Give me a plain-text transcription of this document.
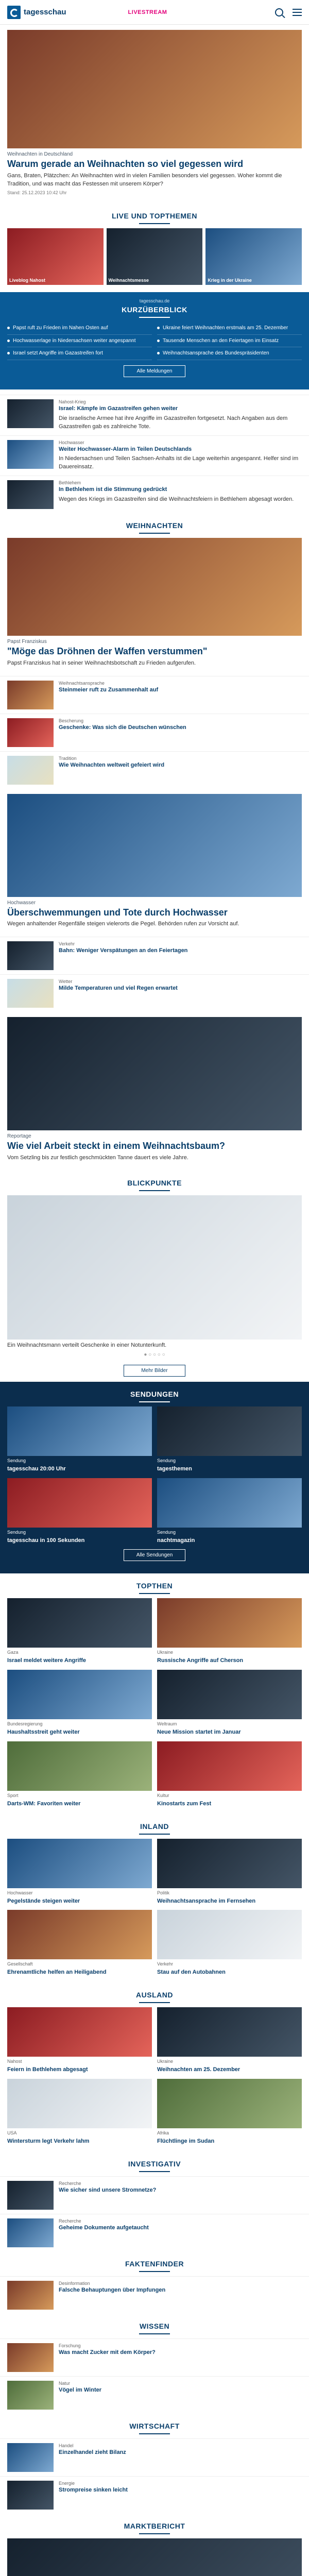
tagesschau	LIVESTREAM
Weihnachten in Deutschland
Warum gerade an Weihnachten so viel gegessen wird
Gans, Braten, Plätzchen: An Weihnachten wird in vielen Familien besonders viel gegessen. Woher kommt die Tradition, und was macht das Festessen mit unserem Körper?
Stand: 25.12.2023 10:42 Uhr
LIVE UND TOPTHEMEN
Liveblog Nahost	Weihnachtsmesse	Krieg in der Ukraine
tagesschau.de
KURZÜBERBLICK
Papst ruft zu Frieden im Nahen Osten auf
Hochwasserlage in Niedersachsen weiter angespannt
Israel setzt Angriffe im Gazastreifen fort
Ukraine feiert Weihnachten erstmals am 25. Dezember
Tausende Menschen an den Feiertagen im Einsatz
Weihnachtsansprache des Bundespräsidenten
Alle Meldungen
Nahost-Krieg
Israel: Kämpfe im Gazastreifen gehen weiter
Die israelische Armee hat ihre Angriffe im Gazastreifen fortgesetzt. Nach Angaben aus dem Gazastreifen gab es zahlreiche Tote.
Hochwasser
Weiter Hochwasser-Alarm in Teilen Deutschlands
In Niedersachsen und Teilen Sachsen-Anhalts ist die Lage weiterhin angespannt. Helfer sind im Dauereinsatz.
Bethlehem
In Bethlehem ist die Stimmung gedrückt
Wegen des Kriegs im Gazastreifen sind die Weihnachtsfeiern in Bethlehem abgesagt worden.
WEIHNACHTEN
Papst Franziskus
"Möge das Dröhnen der Waffen verstummen"
Papst Franziskus hat in seiner Weihnachtsbotschaft zu Frieden aufgerufen.
Weihnachtsansprache
Steinmeier ruft zu Zusammenhalt auf
Bescherung
Geschenke: Was sich die Deutschen wünschen
Tradition
Wie Weihnachten weltweit gefeiert wird
Hochwasser
Überschwemmungen und Tote durch Hochwasser
Wegen anhaltender Regenfälle steigen vielerorts die Pegel. Behörden rufen zur Vorsicht auf.
Verkehr
Bahn: Weniger Verspätungen an den Feiertagen
Wetter
Milde Temperaturen und viel Regen erwartet
Reportage
Wie viel Arbeit steckt in einem Weihnachtsbaum?
Vom Setzling bis zur festlich geschmückten Tanne dauert es viele Jahre.
BLICKPUNKTE
Ein Weihnachtsmann verteilt Geschenke in einer Notunterkunft.
● ○ ○ ○ ○
Mehr Bilder
SENDUNGEN
Sendung
tagesschau 20:00 Uhr
Sendung
tagesthemen
Sendung
tagesschau in 100 Sekunden
Sendung
nachtmagazin
Alle Sendungen
TOPTHEN
Gaza
Israel meldet weitere Angriffe
Ukraine
Russische Angriffe auf Cherson
Bundesregierung
Haushaltsstreit geht weiter
Weltraum
Neue Mission startet im Januar
Sport
Darts-WM: Favoriten weiter
Kultur
Kinostarts zum Fest
INLAND
Hochwasser
Pegelstände steigen weiter
Politik
Weihnachtsansprache im Fernsehen
Gesellschaft
Ehrenamtliche helfen an Heiligabend
Verkehr
Stau auf den Autobahnen
AUSLAND
Nahost
Feiern in Bethlehem abgesagt
Ukraine
Weihnachten am 25. Dezember
USA
Wintersturm legt Verkehr lahm
Afrika
Flüchtlinge im Sudan
INVESTIGATIV
Recherche
Wie sicher sind unsere Stromnetze?
Recherche
Geheime Dokumente aufgetaucht
FAKTENFINDER
Desinformation
Falsche Behauptungen über Impfungen
WISSEN
Forschung
Was macht Zucker mit dem Körper?
Natur
Vögel im Winter
WIRTSCHAFT
Handel
Einzelhandel zieht Bilanz
Energie
Strompreise sinken leicht
MARKTBERICHT
